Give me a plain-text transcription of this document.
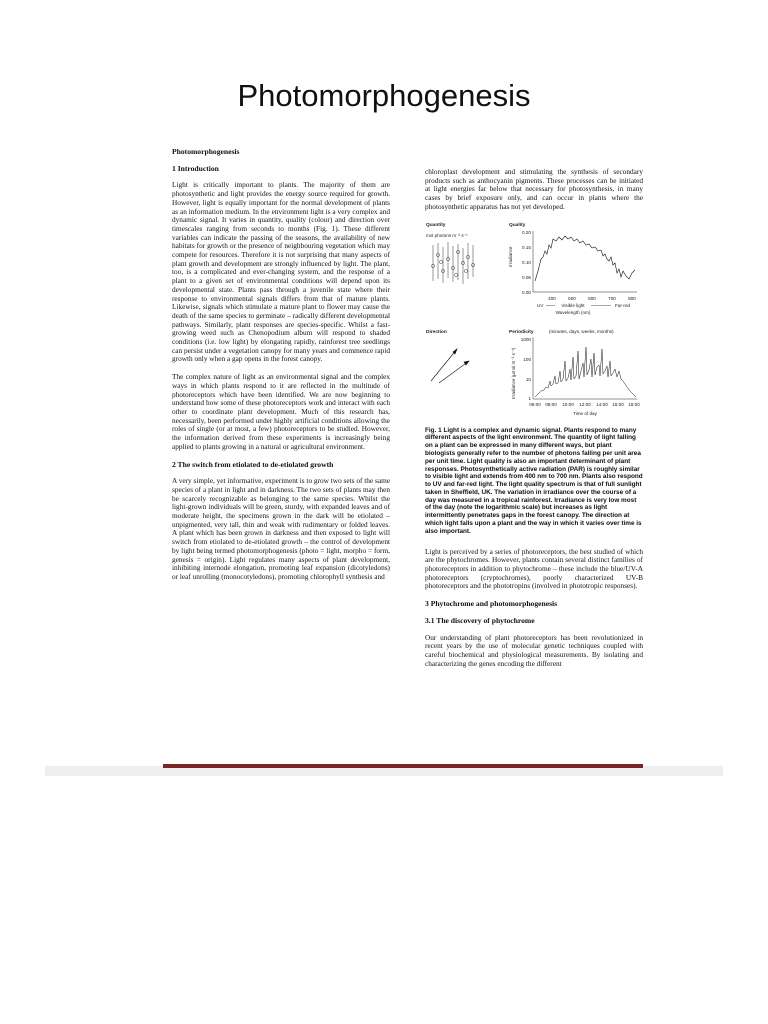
Photomorphogenesis
Photomorphogenesis
1 Introduction

Light is critically important to plants. The majority of them are photosynthetic and light provides the energy source required for growth. However, light is equally important for the normal development of plants as an information medium. In the environment light is a very complex and dynamic signal. It varies in quantity, quality (colour) and direction over timescales ranging from seconds to months (Fig. 1). These different variables can indicate the passing of the seasons, the availability of new habitats for growth or the presence of neighbouring vegetation which may compete for resources. Therefore it is not surprising that many aspects of plant growth and development are strongly influenced by light. The plant, too, is a complicated and ever-changing system, and the response of a plant to a given set of environmental conditions will depend upon its developmental state. Plants pass through a juvenile state where their response to environmental signals differs from that of mature plants. Likewise, signals which stimulate a mature plant to flower may cause the death of the same species to germinate – radically different developmental pathways. Similarly, plant responses are species-specific. Whilst a fast-growing weed such as Chenopodium album will respond to shaded conditions (i.e. low light) by elongating rapidly, rainforest tree seedlings can persist under a vegetation canopy for many years and commence rapid growth only when a gap opens in the forest canopy.

The complex nature of light as an environmental signal and the complex ways in which plants respond to it are reflected in the multitude of photoreceptors which have been identified. We are now beginning to understand how some of these photoreceptors work and interact with each other to coordinate plant development. Much of this research has, necessarily, been performed under highly artificial conditions allowing the roles of single (or at most, a few) photoreceptors to be studied. However, the information derived from these experiments is increasingly being applied to plants growing in a natural or agricultural environment.

2 The switch from etiolated to de-etiolated growth

A very simple, yet informative, experiment is to grow two sets of the same species of a plant in light and in darkness. The two sets of plants may then be scarcely recognizable as belonging to the same species. Whilst the light-grown individuals will be green, sturdy, with expanded leaves and of moderate height, the specimens grown in the dark will be etiolated – unpigmented, very tall, thin and weak with rudimentary or folded leaves. A plant which has been grown in darkness and then exposed to light will switch from etiolated to de-etiolated growth – the control of development by light being termed photomorphogenesis (photo = light, morpho = form, genesis = origin). Light regulates many aspects of plant development, inhibiting internode elongation, promoting leaf expansion (dicotyledons) or leaf unrolling (monocotyledons), promoting chlorophyll synthesis and

chloroplast development and stimulating the synthesis of secondary products such as anthocyanin pigments. These processes can be initiated at light energies far below that necessary for photosynthesis, in many cases by brief exposure only, and can occur in plants where the photosynthetic apparatus has not yet developed.

Quantity
mol photons m⁻² s⁻¹
Quality
Irradiance
0.20
0.15
0.10
0.05
0.00
400	500	600	700	800
UV	Visible light	Far-red
Wavelength (nm)
Direction	Periodicity	(minutes, days, weeks, months)
Irradiance (μmol m⁻² s⁻¹)
1000
100
10
1
06:00 08:00 10:00 12:00 14:00 16:00 18:00
Time of day

Fig. 1 Light is a complex and dynamic signal. Plants respond to many different aspects of the light environment. The quantity of light falling on a plant can be expressed in many different ways, but plant biologists generally refer to the number of photons falling per unit area per unit time. Light quality is also an important determinant of plant responses. Photosynthetically active radiation (PAR) is roughly similar to visible light and extends from 400 nm to 700 nm. Plants also respond to UV and far-red light. The light quality spectrum is that of full sunlight taken in Sheffield, UK. The variation in irradiance over the course of a day was measured in a tropical rainforest. Irradiance is very low most of the day (note the logarithmic scale) but increases as light intermittently penetrates gaps in the forest canopy. The direction at which light falls upon a plant and the way in which it varies over time is also important.

Light is perceived by a series of photoreceptors, the best studied of which are the phytochromes. However, plants contain several distinct families of photoreceptors in addition to phytochrome – these include the blue/UV-A photoreceptors (cryptochromes), poorly characterized UV-B photoreceptors and the phototropins (involved in phototropic responses).

3 Phytochrome and photomorphogenesis
3.1 The discovery of phytochrome

Our understanding of plant photoreceptors has been revolutionized in recent years by the use of molecular genetic techniques coupled with careful biochemical and physiological measurements. By isolating and characterizing the genes encoding the different
